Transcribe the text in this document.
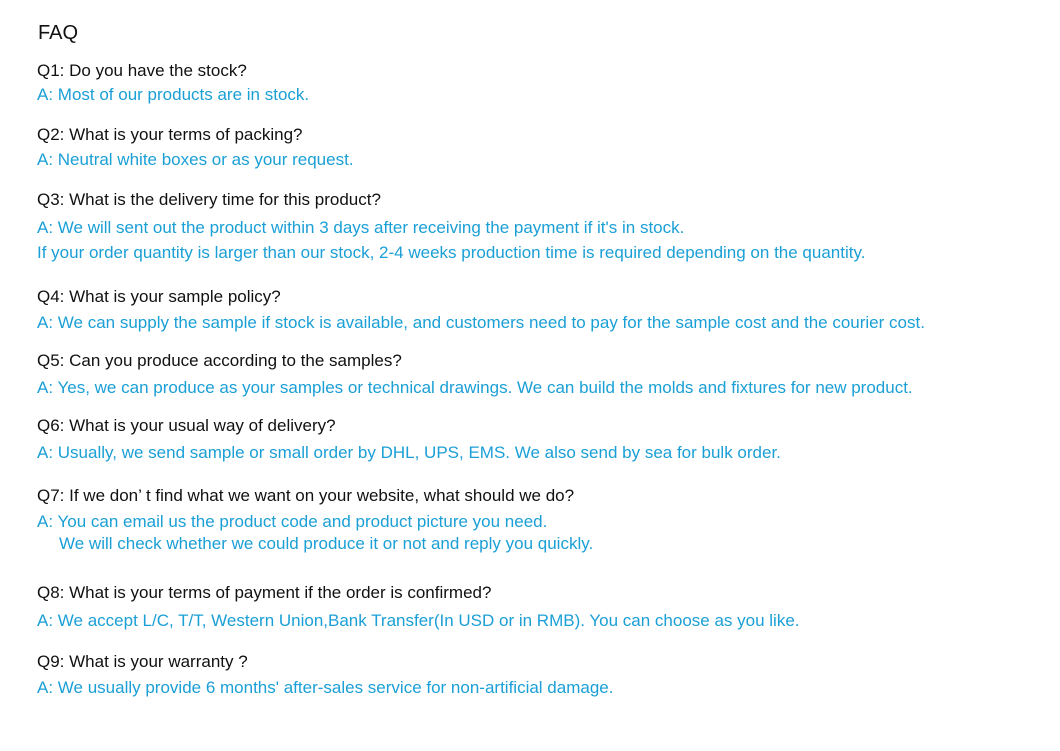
FAQ
Q1: Do you have the stock?
A: Most of our products are in stock.
Q2: What is your terms of packing?
A: Neutral white boxes or as your request.
Q3: What is the delivery time for this product?
A: We will sent out the product within 3 days after receiving the payment if it's in stock.
If your order quantity is larger than our stock, 2-4 weeks production time is required depending on the quantity.
Q4: What is your sample policy?
A: We can supply the sample if stock is available, and customers need to pay for the sample cost and the courier cost.
Q5: Can you produce according to the samples?
A: Yes, we can produce as your samples or technical drawings. We can build the molds and fixtures for new product.
Q6: What is your usual way of delivery?
A: Usually, we send sample or small order by DHL, UPS, EMS. We also send by sea for bulk order.
Q7: If we don’ t find what we want on your website, what should we do?
A: You can email us the product code and product picture you need.
We will check whether we could produce it or not and reply you quickly.
Q8: What is your terms of payment if the order is confirmed?
A: We accept L/C, T/T, Western Union,Bank Transfer(In USD or in RMB). You can choose as you like.
Q9: What is your warranty ?
A: We usually provide 6 months' after-sales service for non-artificial damage.
